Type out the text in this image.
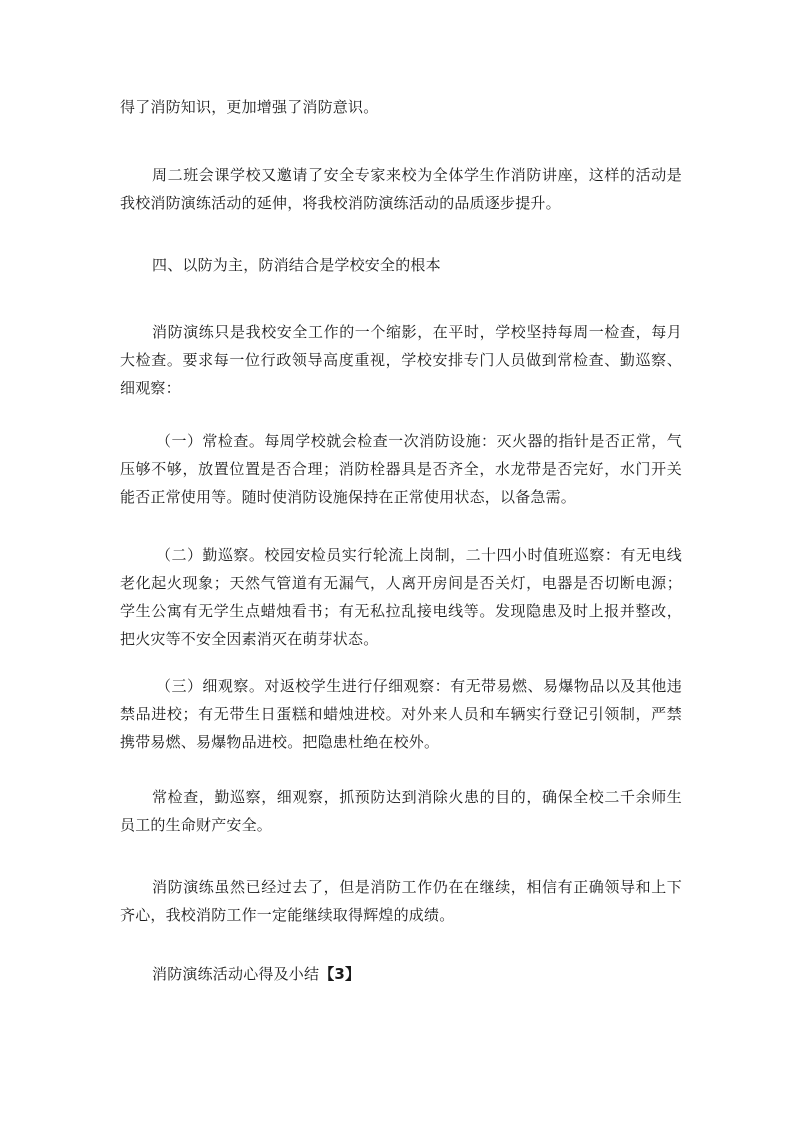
得了消防知识，更加增强了消防意识。

周二班会课学校又邀请了安全专家来校为全体学生作消防讲座，这样的活动是我校消防演练活动的延伸，将我校消防演练活动的品质逐步提升。

四、以防为主，防消结合是学校安全的根本

消防演练只是我校安全工作的一个缩影，在平时，学校坚持每周一检查，每月大检查。要求每一位行政领导高度重视，学校安排专门人员做到常检查、勤巡察、细观察：

（一）常检查。每周学校就会检查一次消防设施：灭火器的指针是否正常，气压够不够，放置位置是否合理；消防栓器具是否齐全，水龙带是否完好，水门开关能否正常使用等。随时使消防设施保持在正常使用状态，以备急需。

（二）勤巡察。校园安检员实行轮流上岗制，二十四小时值班巡察：有无电线老化起火现象；天然气管道有无漏气，人离开房间是否关灯，电器是否切断电源；学生公寓有无学生点蜡烛看书；有无私拉乱接电线等。发现隐患及时上报并整改，把火灾等不安全因素消灭在萌芽状态。

（三）细观察。对返校学生进行仔细观察：有无带易燃、易爆物品以及其他违禁品进校；有无带生日蛋糕和蜡烛进校。对外来人员和车辆实行登记引领制，严禁携带易燃、易爆物品进校。把隐患杜绝在校外。

常检查，勤巡察，细观察，抓预防达到消除火患的目的，确保全校二千余师生员工的生命财产安全。

消防演练虽然已经过去了，但是消防工作仍在在继续，相信有正确领导和上下齐心，我校消防工作一定能继续取得辉煌的成绩。

消防演练活动心得及小结【3】
